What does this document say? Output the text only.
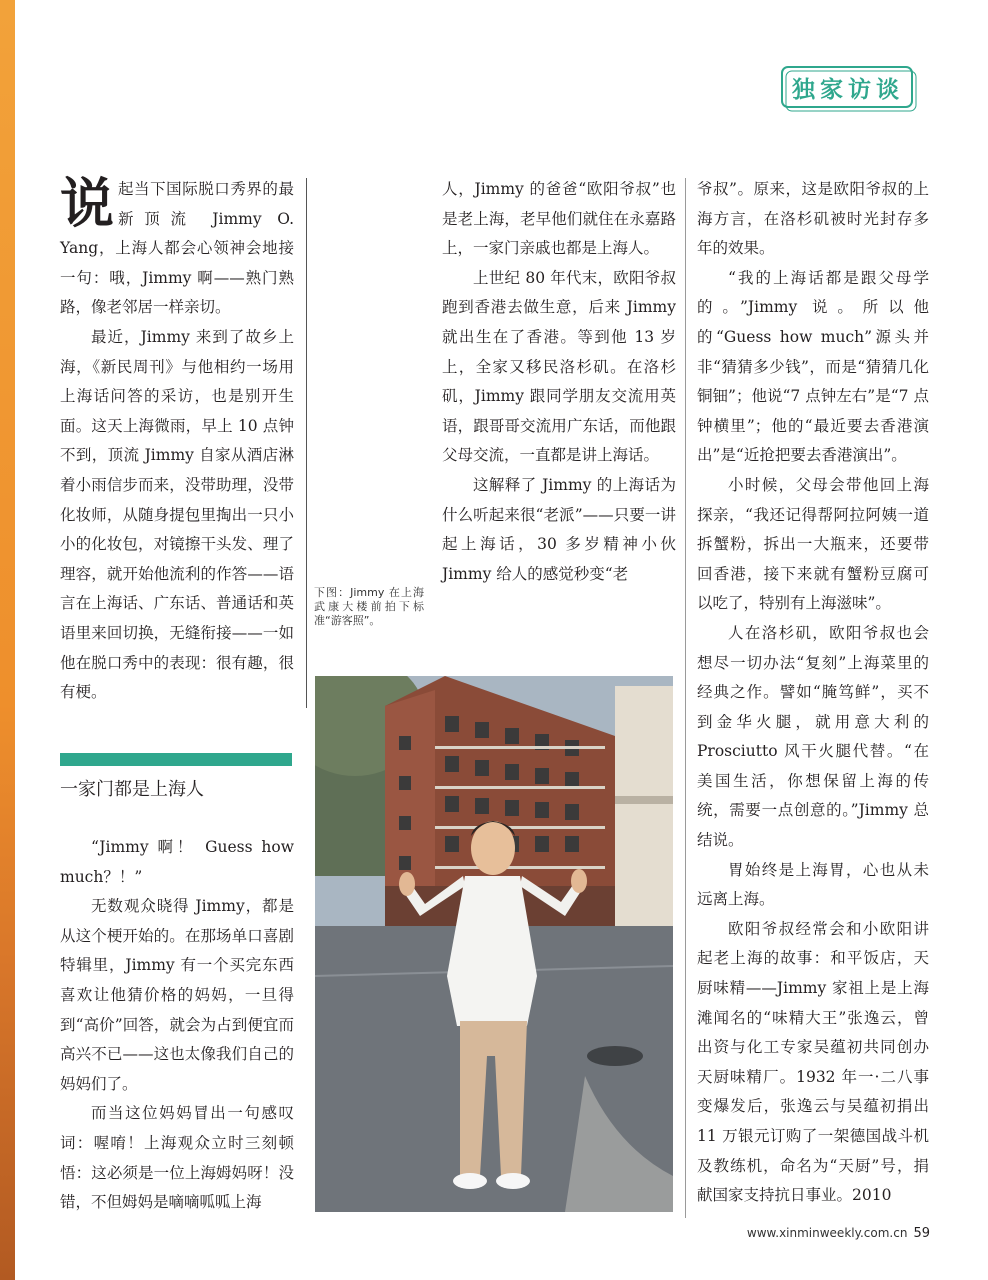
独家访谈

说起当下国际脱口秀界的最新顶流 Jimmy O. Yang，上海人都会心领神会地接一句：哦，Jimmy 啊——熟门熟路，像老邻居一样亲切。

最近，Jimmy 来到了故乡上海，《新民周刊》与他相约一场用上海话问答的采访，也是别开生面。这天上海微雨，早上 10 点钟不到，顶流 Jimmy 自家从酒店淋着小雨信步而来，没带助理，没带化妆师，从随身提包里掏出一只小小的化妆包，对镜擦干头发、理了理容，就开始他流利的作答——语言在上海话、广东话、普通话和英语里来回切换，无缝衔接——一如他在脱口秀中的表现：很有趣，很有梗。

一家门都是上海人

“Jimmy 啊！ Guess how much？！”

无数观众晓得 Jimmy，都是从这个梗开始的。在那场单口喜剧特辑里，Jimmy 有一个买完东西喜欢让他猜价格的妈妈，一旦得到“高价”回答，就会为占到便宜而高兴不已——这也太像我们自己的妈妈们了。

而当这位妈妈冒出一句感叹词：喔唷！上海观众立时三刻顿悟：这必须是一位上海姆妈呀！没错，不但姆妈是嘀嘀呱呱上海

人，Jimmy 的爸爸“欧阳爷叔”也是老上海，老早他们就住在永嘉路上，一家门亲戚也都是上海人。

上世纪 80 年代末，欧阳爷叔跑到香港去做生意，后来 Jimmy 就出生在了香港。等到他 13 岁上，全家又移民洛杉矶。在洛杉矶，Jimmy 跟同学朋友交流用英语，跟哥哥交流用广东话，而他跟父母交流，一直都是讲上海话。

这解释了 Jimmy 的上海话为什么听起来很“老派”——只要一讲起上海话，30 多岁精神小伙 Jimmy 给人的感觉秒变“老

下图：Jimmy 在上海武康大楼前拍下标准“游客照”。

爷叔”。原来，这是欧阳爷叔的上海方言，在洛杉矶被时光封存多年的效果。

“我的上海话都是跟父母学的。”Jimmy 说。所以他的“Guess how much”源头并非“猜猜多少钱”，而是“猜猜几化铜钿”；他说“7 点钟左右”是“7 点钟横里”；他的“最近要去香港演出”是“近抢把要去香港演出”。

小时候，父母会带他回上海探亲，“我还记得帮阿拉阿姨一道拆蟹粉，拆出一大瓶来，还要带回香港，接下来就有蟹粉豆腐可以吃了，特别有上海滋味”。

人在洛杉矶，欧阳爷叔也会想尽一切办法“复刻”上海菜里的经典之作。譬如“腌笃鲜”，买不到金华火腿，就用意大利的 Prosciutto 风干火腿代替。“在美国生活，你想保留上海的传统，需要一点创意的。”Jimmy 总结说。

胃始终是上海胃，心也从未远离上海。

欧阳爷叔经常会和小欧阳讲起老上海的故事：和平饭店，天厨味精——Jimmy 家祖上是上海滩闻名的“味精大王”张逸云，曾出资与化工专家吴蕴初共同创办天厨味精厂。1932 年一·二八事变爆发后，张逸云与吴蕴初捐出 11 万银元订购了一架德国战斗机及教练机，命名为“天厨”号，捐献国家支持抗日事业。2010

www.xinminweekly.com.cn 59
